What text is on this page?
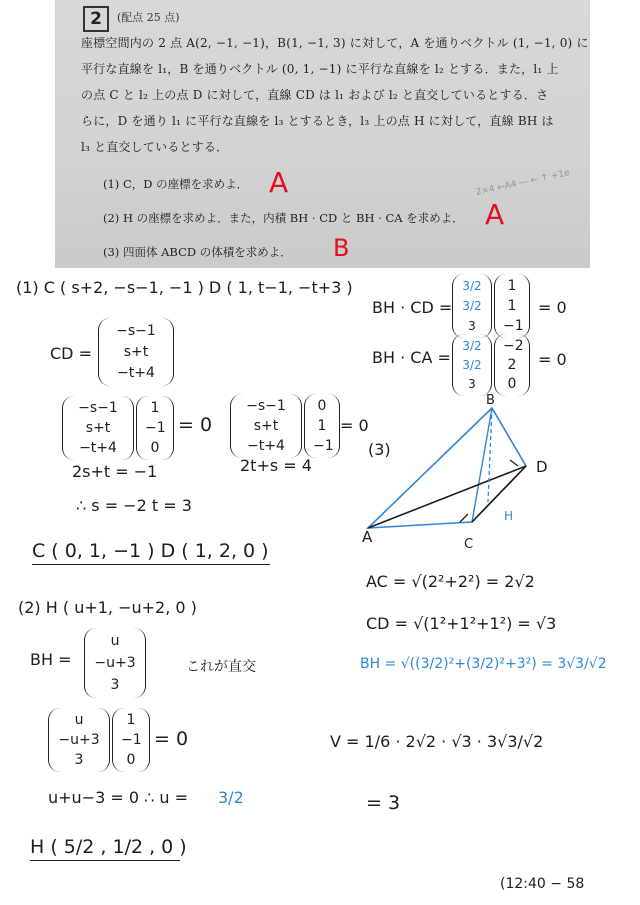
2	(配点 25 点)
座標空間内の 2 点 A(2, −1, −1)，B(1, −1, 3) に対して，A を通りベクトル (1, −1, 0) に
平行な直線を l₁，B を通りベクトル (0, 1, −1) に平行な直線を l₂ とする．また，l₁ 上
の点 C と l₂ 上の点 D に対して，直線 CD は l₁ および l₂ と直交しているとする．さ
らに，D を通り l₁ に平行な直線を l₃ とするとき，l₃ 上の点 H に対して，直線 BH は
l₃ と直交しているとする．
(1) C，D の座標を求めよ．
(2) H の座標を求めよ．また，内積 BH · CD と BH · CA を求めよ．
(3) 四面体 ABCD の体積を求めよ．
A
A
B
2×4 ←A4 ― ← ↑ +1e
(1) C ( s+2, −s−1, −1 ) D ( 1, t−1, −t+3 )
CD =
−s−1
s+t
−t+4
−s−1
s+t
−t+4
1
−1
0
= 0
−s−1
s+t
−t+4
0
1
−1
= 0
2s+t = −1	2t+s = 4
∴ s = −2 t = 3
C ( 0, 1, −1 ) D ( 1, 2, 0 )
(2) H ( u+1, −u+2, 0 )
BH =
u
−u+3
3
これが直交
u
−u+3
3
1
−1
0
= 0
u+u−3 = 0 ∴ u = 3/2
H ( 5/2 , 1/2 , 0 )
BH · CD =
3/2
3/2
3
1
1
−1
= 0
BH · CA =
3/2
3/2
3
−2
2
0
= 0
A
B
C
D
H
(3)
AC = √(2²+2²) = 2√2
CD = √(1²+1²+1²) = √3
BH = √((3/2)²+(3/2)²+3²) = 3√3/√2
V = 1/6 · 2√2 · √3 · 3√3/√2
= 3
(12:40 − 58
